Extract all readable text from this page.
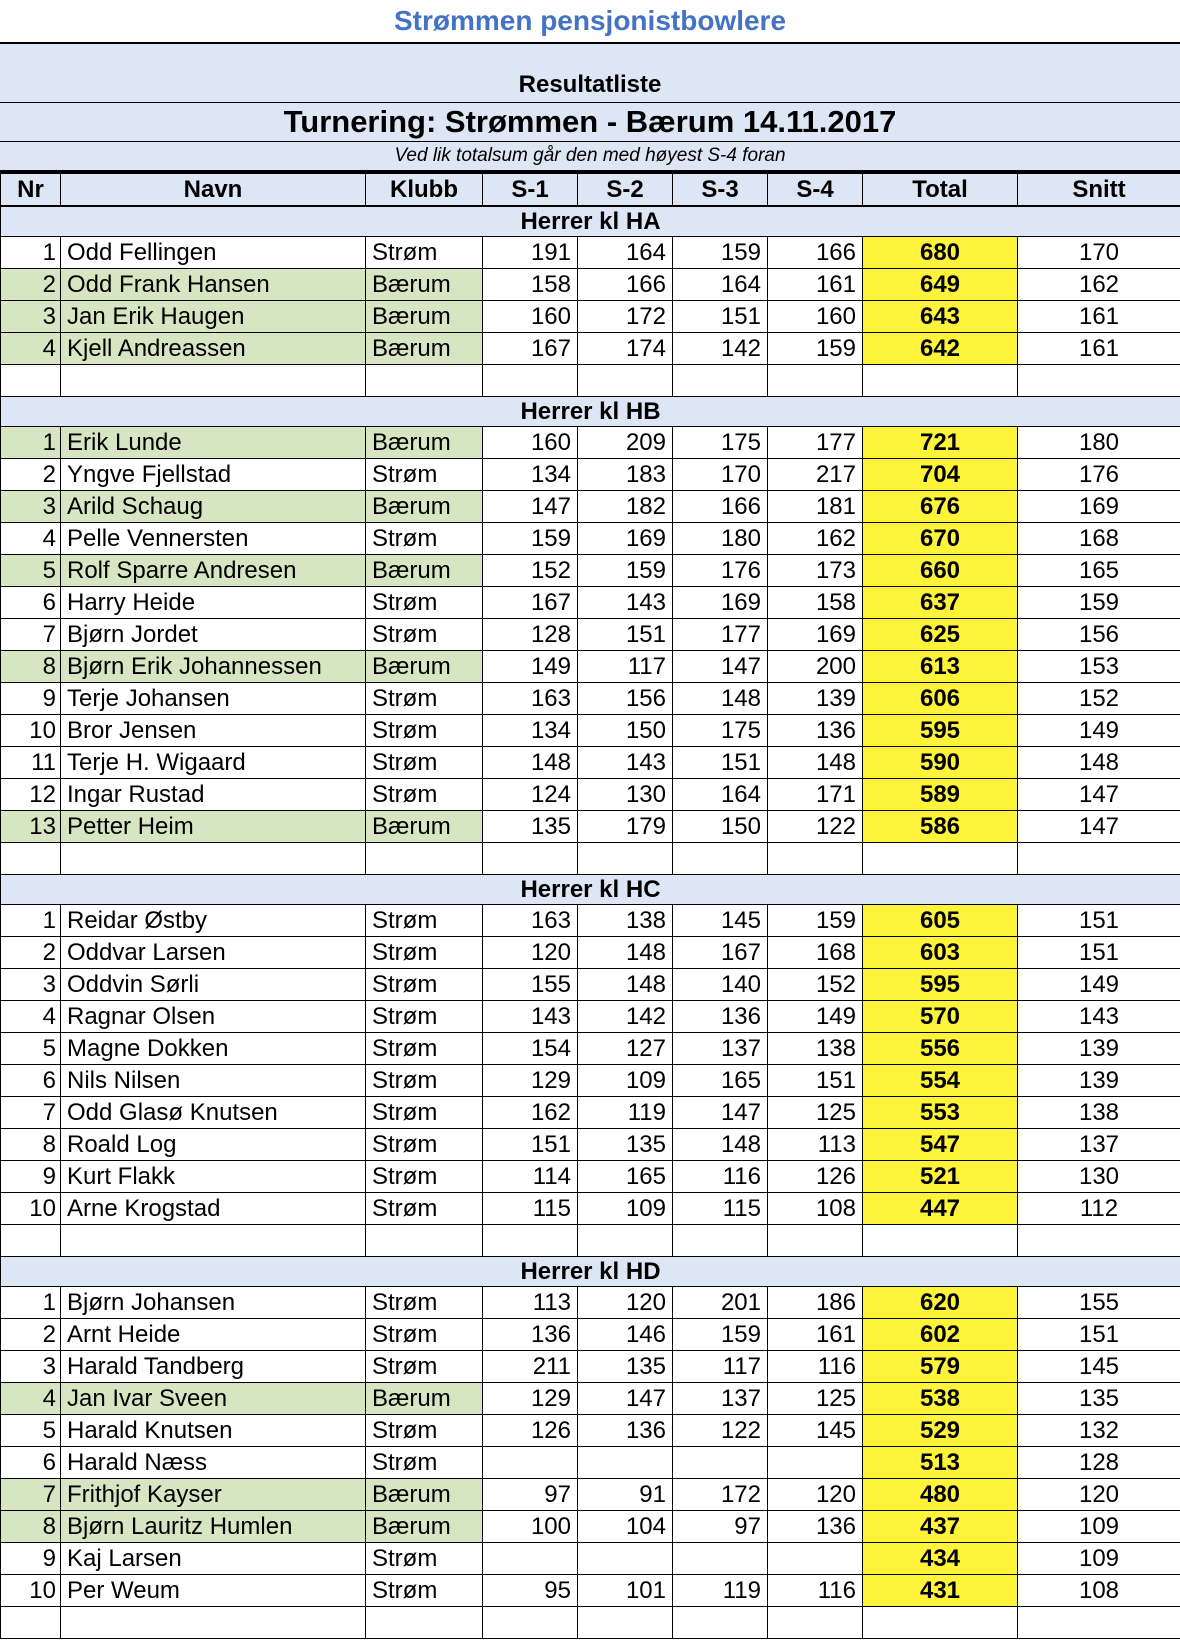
Strømmen pensjonistbowlere
Resultatliste
Turnering: Strømmen - Bærum 14.11.2017
Ved lik totalsum går den med høyest S-4 foran
Nr	Navn	Klubb	S-1	S-2	S-3	S-4	Total	Snitt
Herrer kl HA								
1	Odd Fellingen	Strøm	191	164	159	166	680	170
2	Odd Frank Hansen	Bærum	158	166	164	161	649	162
3	Jan Erik Haugen	Bærum	160	172	151	160	643	161
4	Kjell Andreassen	Bærum	167	174	142	159	642	161

Herrer kl HB								
1	Erik Lunde	Bærum	160	209	175	177	721	180
2	Yngve Fjellstad	Strøm	134	183	170	217	704	176
3	Arild Schaug	Bærum	147	182	166	181	676	169
4	Pelle Vennersten	Strøm	159	169	180	162	670	168
5	Rolf Sparre Andresen	Bærum	152	159	176	173	660	165
6	Harry Heide	Strøm	167	143	169	158	637	159
7	Bjørn Jordet	Strøm	128	151	177	169	625	156
8	Bjørn Erik Johannessen	Bærum	149	117	147	200	613	153
9	Terje Johansen	Strøm	163	156	148	139	606	152
10	Bror Jensen	Strøm	134	150	175	136	595	149
11	Terje H. Wigaard	Strøm	148	143	151	148	590	148
12	Ingar Rustad	Strøm	124	130	164	171	589	147
13	Petter Heim	Bærum	135	179	150	122	586	147

Herrer kl HC								
1	Reidar Østby	Strøm	163	138	145	159	605	151
2	Oddvar Larsen	Strøm	120	148	167	168	603	151
3	Oddvin Sørli	Strøm	155	148	140	152	595	149
4	Ragnar Olsen	Strøm	143	142	136	149	570	143
5	Magne Dokken	Strøm	154	127	137	138	556	139
6	Nils Nilsen	Strøm	129	109	165	151	554	139
7	Odd Glasø Knutsen	Strøm	162	119	147	125	553	138
8	Roald Log	Strøm	151	135	148	113	547	137
9	Kurt Flakk	Strøm	114	165	116	126	521	130
10	Arne Krogstad	Strøm	115	109	115	108	447	112

Herrer kl HD								
1	Bjørn Johansen	Strøm	113	120	201	186	620	155
2	Arnt Heide	Strøm	136	146	159	161	602	151
3	Harald Tandberg	Strøm	211	135	117	116	579	145
4	Jan Ivar Sveen	Bærum	129	147	137	125	538	135
5	Harald Knutsen	Strøm	126	136	122	145	529	132
6	Harald Næss	Strøm					513	128
7	Frithjof Kayser	Bærum	97	91	172	120	480	120
8	Bjørn Lauritz Humlen	Bærum	100	104	97	136	437	109
9	Kaj Larsen	Strøm					434	109
10	Per Weum	Strøm	95	101	119	116	431	108
